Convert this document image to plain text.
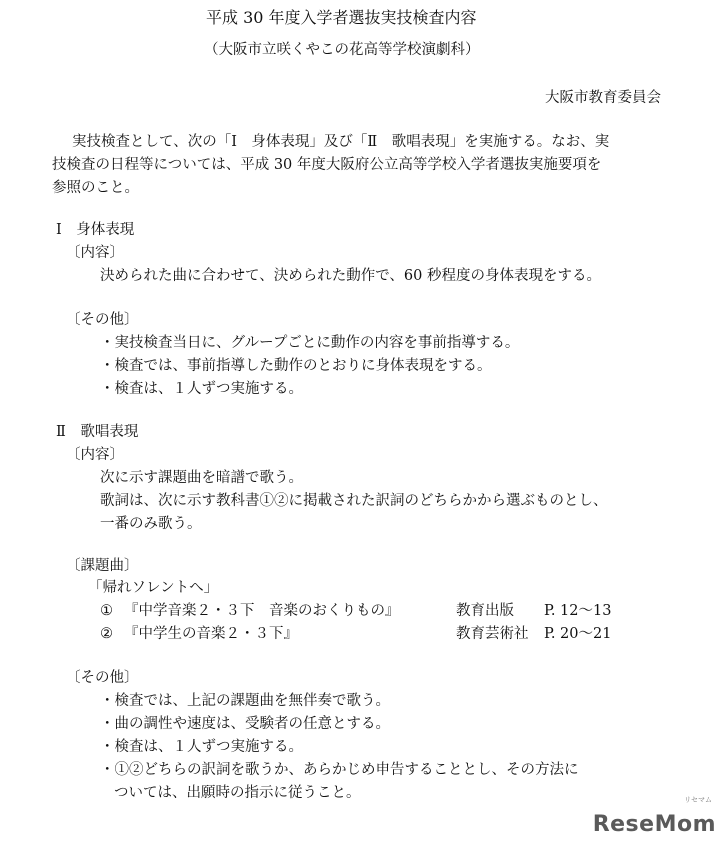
平成 30 年度入学者選抜実技検査内容
（大阪市立咲くやこの花高等学校演劇科）
大阪市教育委員会
実技検査として、次の「Ⅰ　身体表現」及び「Ⅱ　歌唱表現」を実施する。なお、実
技検査の日程等については、平成 30 年度大阪府公立高等学校入学者選抜実施要項を
参照のこと。
Ⅰ　身体表現
〔内容〕
決められた曲に合わせて、決められた動作で、60 秒程度の身体表現をする。
〔その他〕
・実技検査当日に、グループごとに動作の内容を事前指導する。
・検査では、事前指導した動作のとおりに身体表現をする。
・検査は、１人ずつ実施する。
Ⅱ　歌唱表現
〔内容〕
次に示す課題曲を暗譜で歌う。
歌詞は、次に示す教科書①②に掲載された訳詞のどちらかから選ぶものとし、
一番のみ歌う。
〔課題曲〕
「帰れソレントへ」
① 『中学音楽２・３下　音楽のおくりもの』	教育出版 P. 12～13
② 『中学生の音楽２・３下』	教育芸術社 P. 20～21
〔その他〕
・検査では、上記の課題曲を無伴奏で歌う。
・曲の調性や速度は、受験者の任意とする。
・検査は、１人ずつ実施する。
・①②どちらの訳詞を歌うか、あらかじめ申告することとし、その方法に
ついては、出願時の指示に従うこと。	リセマム
ReseMom
